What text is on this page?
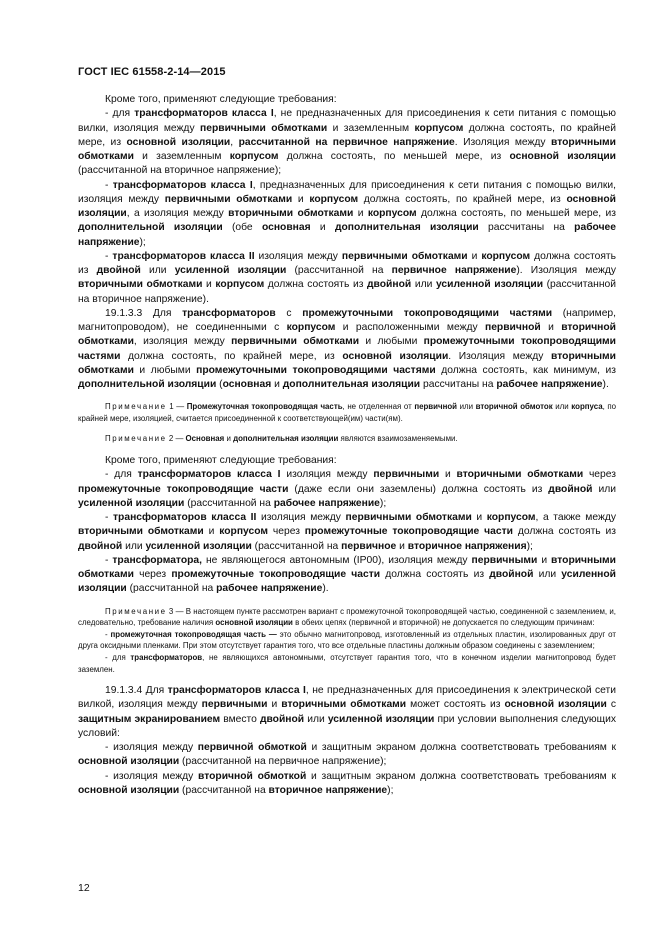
ГОСТ IEC 61558-2-14—2015

Кроме того, применяют следующие требования:

- для трансформаторов класса I, не предназначенных для присоединения к сети питания с помощью вилки, изоляция между первичными обмотками и заземленным корпусом должна состоять, по крайней мере, из основной изоляции, рассчитанной на первичное напряжение. Изоляция между вторичными обмотками и заземленным корпусом должна состоять, по меньшей мере, из основной изоляции (рассчитанной на вторичное напряжение);

- трансформаторов класса I, предназначенных для присоединения к сети питания с помощью вилки, изоляция между первичными обмотками и корпусом должна состоять, по крайней мере, из основной изоляции, а изоляция между вторичными обмотками и корпусом должна состоять, по меньшей мере, из дополнительной изоляции (обе основная и дополнительная изоляции рассчитаны на рабочее напряжение);

- трансформаторов класса II изоляция между первичными обмотками и корпусом должна состоять из двойной или усиленной изоляции (рассчитанной на первичное напряжение). Изоляция между вторичными обмотками и корпусом должна состоять из двойной или усиленной изоляции (рассчитанной на вторичное напряжение).

19.1.3.3 Для трансформаторов с промежуточными токопроводящими частями (например, магнитопроводом), не соединенными с корпусом и расположенными между первичной и вторичной обмотками, изоляция между первичными обмотками и любыми промежуточными токопроводящими частями должна состоять, по крайней мере, из основной изоляции. Изоляция между вторичными обмотками и любыми промежуточными токопроводящими частями должна состоять, как минимум, из дополнительной изоляции (основная и дополнительная изоляции рассчитаны на рабочее напряжение).

Примечание 1 — Промежуточная токопроводящая часть, не отделенная от первичной или вторичной обмоток или корпуса, по крайней мере, изоляцией, считается присоединенной к соответствующей(им) части(ям).

Примечание 2 — Основная и дополнительная изоляции являются взаимозаменяемыми.

Кроме того, применяют следующие требования:

- для трансформаторов класса I изоляция между первичными и вторичными обмотками через промежуточные токопроводящие части (даже если они заземлены) должна состоять из двойной или усиленной изоляции (рассчитанной на рабочее напряжение);

- трансформаторов класса II изоляция между первичными обмотками и корпусом, а также между вторичными обмотками и корпусом через промежуточные токопроводящие части должна состоять из двойной или усиленной изоляции (рассчитанной на первичное и вторичное напряжения);

- трансформатора, не являющегося автономным (IP00), изоляция между первичными и вторичными обмотками через промежуточные токопроводящие части должна состоять из двойной или усиленной изоляции (рассчитанной на рабочее напряжение).

Примечание 3 — В настоящем пункте рассмотрен вариант с промежуточной токопроводящей частью, соединенной с заземлением, и, следовательно, требование наличия основной изоляции в обеих цепях (первичной и вторичной) не допускается по следующим причинам:

- промежуточная токопроводящая часть — это обычно магнитопровод, изготовленный из отдельных пластин, изолированных друг от друга оксидными пленками. При этом отсутствует гарантия того, что все отдельные пластины должным образом соединены с заземлением;

- для трансформаторов, не являющихся автономными, отсутствует гарантия того, что в конечном изделии магнитопровод будет заземлен.

19.1.3.4 Для трансформаторов класса I, не предназначенных для присоединения к электрической сети вилкой, изоляция между первичными и вторичными обмотками может состоять из основной изоляции с защитным экранированием вместо двойной или усиленной изоляции при условии выполнения следующих условий:

- изоляция между первичной обмоткой и защитным экраном должна соответствовать требованиям к основной изоляции (рассчитанной на первичное напряжение);

- изоляция между вторичной обмоткой и защитным экраном должна соответствовать требованиям к основной изоляции (рассчитанной на вторичное напряжение);

12
